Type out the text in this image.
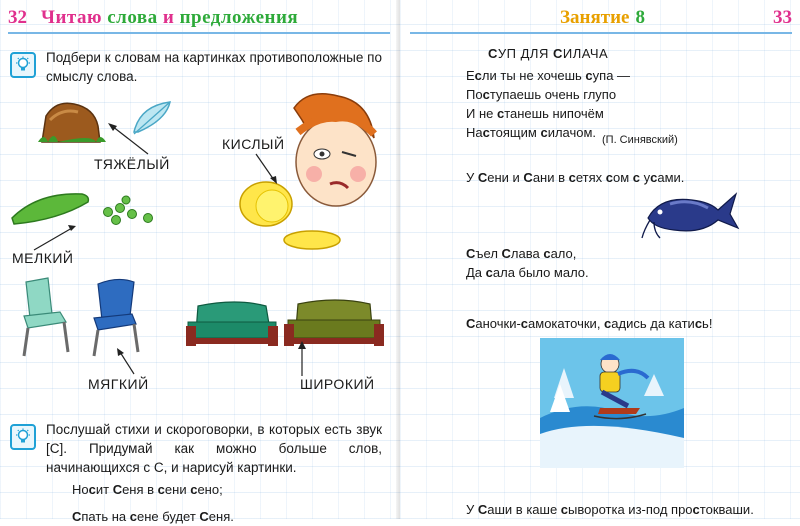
32 Читаю слова и предложения
Подбери к словам на картинках противоположные по смыслу слова.
ТЯЖЁЛЫЙ
МЕЛКИЙ
КИСЛЫЙ
МЯГКИЙ	ШИРОКИЙ
Послушай стихи и скороговорки, в которых есть звук [С]. Придумай как можно больше слов, начинающихся с С, и нарисуй картинки.
Носит Сеня в сени сено;
Спать на сене будет Сеня.
Занятие 8	33
СУП ДЛЯ СИЛАЧА
Если ты не хочешь супа —
Поступаешь очень глупо
И не станешь нипочём
Настоящим силачом. (П. Синявский)
У Сени и Сани в сетях сом с усами.
Съел Слава сало,
Да сала было мало.
Саночки-самокаточки, садись да катись!
У Саши в каше сыворотка из-под простокваши.
